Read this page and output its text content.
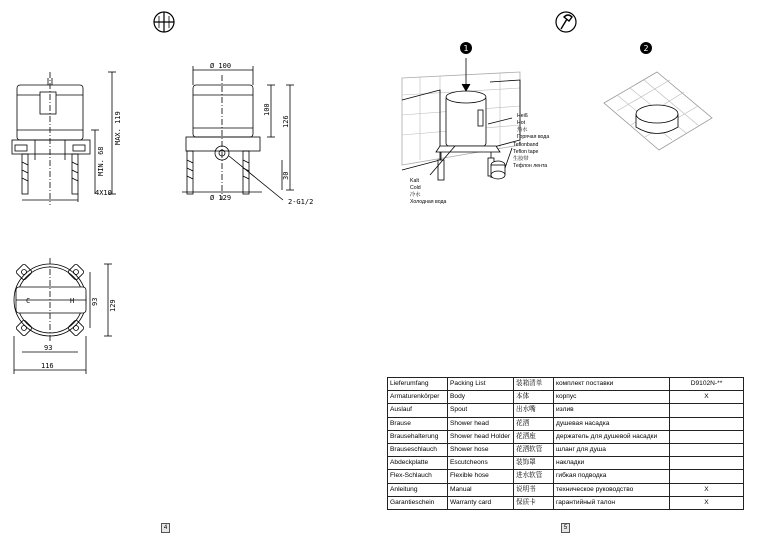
MAX. 119
MIN. 68
4X10
Ø 100
100
126
30
Ø 129	2-G1/2
93 129
93
116
C	H
1	2
Heiß
Hot
热水
Горячая вода
Teflonband
Teflon tape
生胶带
Тефлон лента
Kalt
Cold
冷水
Холодная вода
Lieferumfang	Packing List	装箱清单	комплект поставки	D9102N-**
Armaturenkörper	Body	本体	корпус	X
Auslauf	Spout	出水嘴	излив	
Brause	Shower head	花洒	душевая насадка	
Brausehalterung	Shower head Holder	花洒座	держатель для душевой насадки	
Brauseschlauch	Shower hose	花洒软管	шланг для душа	
Abdeckplatte	Escutcheons	装饰罩	накладки	
Flex-Schlauch	Flexible hose	进水软管	гибкая подводка	
Anleitung	Manual	说明书	техническое руководство	X
Garantieschein	Warranty card	保质卡	гарантийный талон	X
4	5
